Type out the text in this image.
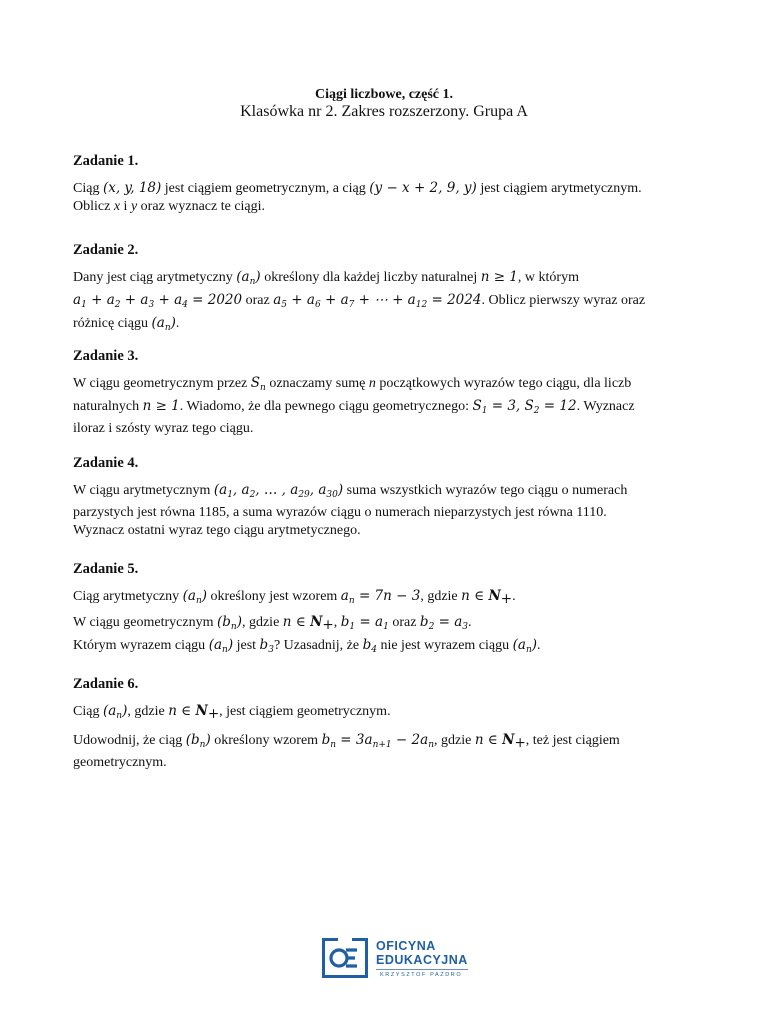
Ciągi liczbowe, część 1.
Klasówka nr 2. Zakres rozszerzony. Grupa A
Zadanie 1.

Ciąg (x, y, 18) jest ciągiem geometrycznym, a ciąg (y − x + 2, 9, y) jest ciągiem arytmetycznym.

Oblicz x i y oraz wyznacz te ciągi.

Zadanie 2.

Dany jest ciąg arytmetyczny $(a_n)$ określony dla każdej liczby naturalnej n ≥ 1, w którym

$a_1 + a_2 + a_3 + a_4 = 2020$ oraz $a_5 + a_6 + a_7$ + ⋯ + $a_{12} = 2024$. Oblicz pierwszy wyraz oraz

różnicę ciągu $(a_n)$.

Zadanie 3.

W ciągu geometrycznym przez $S_n$ oznaczamy sumę n początkowych wyrazów tego ciągu, dla liczb

naturalnych n ≥ 1. Wiadomo, że dla pewnego ciągu geometrycznego: $S_1 = 3$, $S_2 = 12$. Wyznacz

iloraz i szósty wyraz tego ciągu.

Zadanie 4.

W ciągu arytmetycznym ($a_1$, $a_2$, … , $a_{29}$, $a_{30}$) suma wszystkich wyrazów tego ciągu o numerach

parzystych jest równa 1185, a suma wyrazów ciągu o numerach nieparzystych jest równa 1110.

Wyznacz ostatni wyraz tego ciągu arytmetycznego.

Zadanie 5.

Ciąg arytmetyczny $(a_n)$ określony jest wzorem $a_n = 7n - 3$, gdzie n ∈ $N_+$.

W ciągu geometrycznym $(b_n)$, gdzie n ∈ $N_+$, $b_1 = a_1$ oraz $b_2 = a_3$.

Którym wyrazem ciągu $(a_n)$ jest $b_3$? Uzasadnij, że $b_4$ nie jest wyrazem ciągu $(a_n)$.

Zadanie 6.

Ciąg $(a_n)$, gdzie n ∈ $N_+$, jest ciągiem geometrycznym.

Udowodnij, że ciąg $(b_n)$ określony wzorem $b_n = 3a_{n+1} - 2a_n$, gdzie n ∈ $N_+$, też jest ciągiem

geometrycznym.

OFICYNA
EDUKACYJNA
KRZYSZTOF PAZDRO
